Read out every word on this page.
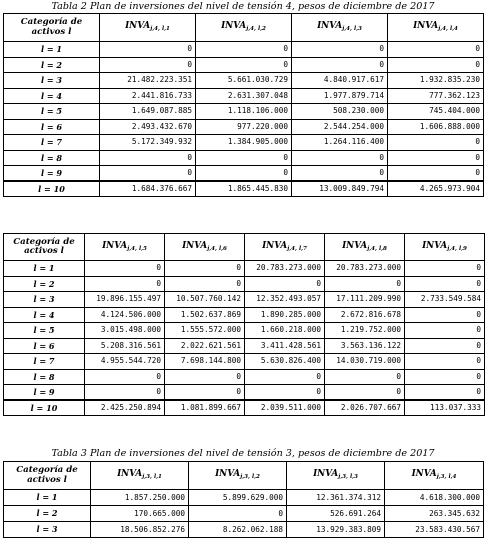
Tabla 2 Plan de inversiones del nivel de tensión 4, pesos de diciembre de 2017
Categoría de
activos l	$INVA_{j,4, l,1}$	$INVA_{j,4, l,2}$	$INVA_{j,4, l,3}$	$INVA_{j,4, l,4}$
l = 1	0	0	0	0
l = 2	0	0	0	0
l = 3	21.482.223.351	5.661.030.729	4.840.917.617	1.932.835.230
l = 4	2.441.816.733	2.631.307.048	1.977.879.714	777.362.123
l = 5	1.649.087.885	1.118.106.000	508.230.000	745.404.000
l = 6	2.493.432.670	977.220.000	2.544.254.000	1.606.888.000
l = 7	5.172.349.932	1.384.905.000	1.264.116.400	0
l = 8	0	0	0	0
l = 9	0	0	0	0
l = 10	1.684.376.667	1.865.445.830	13.009.849.794	4.265.973.904
Categoría de
activos l	$INVA_{j,4, l,5}$	$INVA_{j,4, l,6}$	$INVA_{j,4, l,7}$	$INVA_{j,4, l,8}$	$INVA_{j,4, l,9}$
l = 1	0	0	20.783.273.000	20.783.273.000	0
l = 2	0	0	0	0	0
l = 3	19.896.155.497	10.507.760.142	12.352.493.057	17.111.209.990	2.733.549.584
l = 4	4.124.506.000	1.502.637.869	1.890.285.000	2.672.816.678	0
l = 5	3.015.498.000	1.555.572.000	1.660.218.000	1.219.752.000	0
l = 6	5.208.316.561	2.022.621.561	3.411.428.561	3.563.136.122	0
l = 7	4.955.544.720	7.698.144.800	5.630.826.400	14.030.719.000	0
l = 8	0	0	0	0	0
l = 9	0	0	0	0	0
l = 10	2.425.250.894	1.081.899.667	2.039.511.000	2.026.707.667	113.037.333
Tabla 3 Plan de inversiones del nivel de tensión 3, pesos de diciembre de 2017
Categoría de
activos l	$INVA_{j,3, l,1}$	$INVA_{j,3, l,2}$	$INVA_{j,3, l,3}$	$INVA_{j,3, l,4}$
l = 1	1.857.250.000	5.899.629.000	12.361.374.312	4.618.300.000
l = 2	170.665.000	0	526.691.264	263.345.632
l = 3	18.506.852.276	8.262.062.188	13.929.383.809	23.583.430.567
